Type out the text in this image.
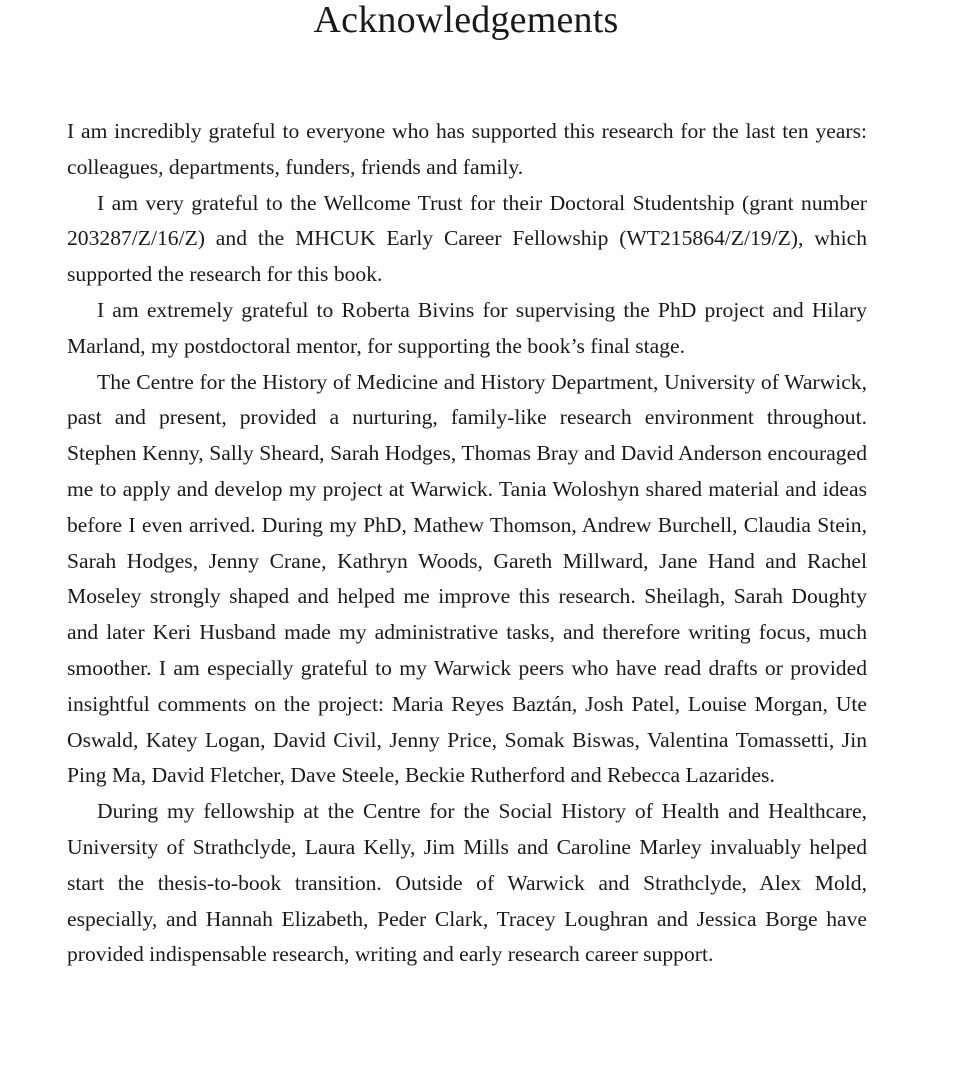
Acknowledgements

I am incredibly grateful to everyone who has supported this research for the last ten years: colleagues, departments, funders, friends and family.

I am very grateful to the Wellcome Trust for their Doctoral Studentship (grant number 203287/Z/16/Z) and the MHCUK Early Career Fellowship (WT215864/Z/19/Z), which supported the research for this book.

I am extremely grateful to Roberta Bivins for supervising the PhD project and Hilary Marland, my postdoctoral mentor, for supporting the book’s final stage.

The Centre for the History of Medicine and History Department, University of Warwick, past and present, provided a nurturing, family-like research environment throughout. Stephen Kenny, Sally Sheard, Sarah Hodges, Thomas Bray and David Anderson encouraged me to apply and develop my project at Warwick. Tania Woloshyn shared material and ideas before I even arrived. During my PhD, Mathew Thomson, Andrew Burchell, Claudia Stein, Sarah Hodges, Jenny Crane, Kathryn Woods, Gareth Millward, Jane Hand and Rachel Moseley strongly shaped and helped me improve this research. Sheilagh, Sarah Doughty and later Keri Husband made my administrative tasks, and therefore writing focus, much smoother. I am especially grateful to my Warwick peers who have read drafts or provided insightful comments on the project: Maria Reyes Baztán, Josh Patel, Louise Morgan, Ute Oswald, Katey Logan, David Civil, Jenny Price, Somak Biswas, Valentina Tomassetti, Jin Ping Ma, David Fletcher, Dave Steele, Beckie Rutherford and Rebecca Lazarides.

During my fellowship at the Centre for the Social History of Health and Healthcare, University of Strathclyde, Laura Kelly, Jim Mills and Caroline Marley invaluably helped start the thesis-to-book transition. Outside of Warwick and Strathclyde, Alex Mold, especially, and Hannah Elizabeth, Peder Clark, Tracey Loughran and Jessica Borge have provided indispensable research, writing and early research career support.
